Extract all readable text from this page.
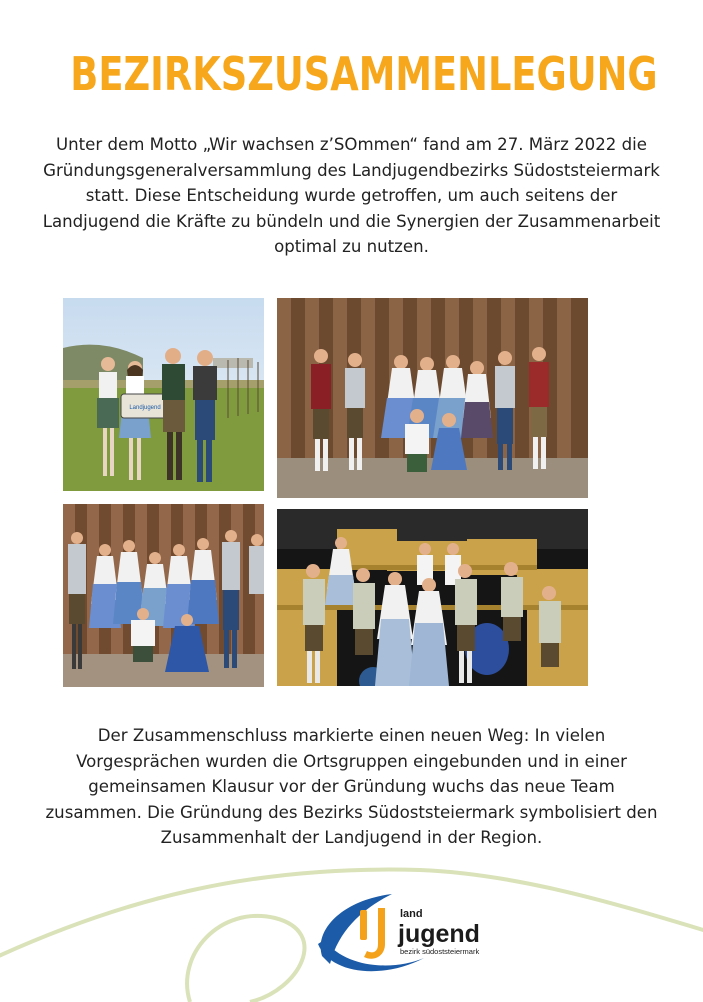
BEZIRKSZUSAMMENLEGUNG

Unter dem Motto „Wir wachsen z’SOmmen“ fand am 27. März 2022 die Gründungsgeneralversammlung des Landjugendbezirks Südoststeiermark statt. Diese Entscheidung wurde getroffen, um auch seitens der Landjugend die Kräfte zu bündeln und die Synergien der Zusammenarbeit optimal zu nutzen.

Landjugend

Der Zusammenschluss markierte einen neuen Weg: In vielen Vorgesprächen wurden die Ortsgruppen eingebunden und in einer gemeinsamen Klausur vor der Gründung wuchs das neue Team zusammen. Die Gründung des Bezirks Südoststeiermark symbolisiert den Zusammenhalt der Landjugend in der Region.

land
jugend
bezirk südoststeiermark
